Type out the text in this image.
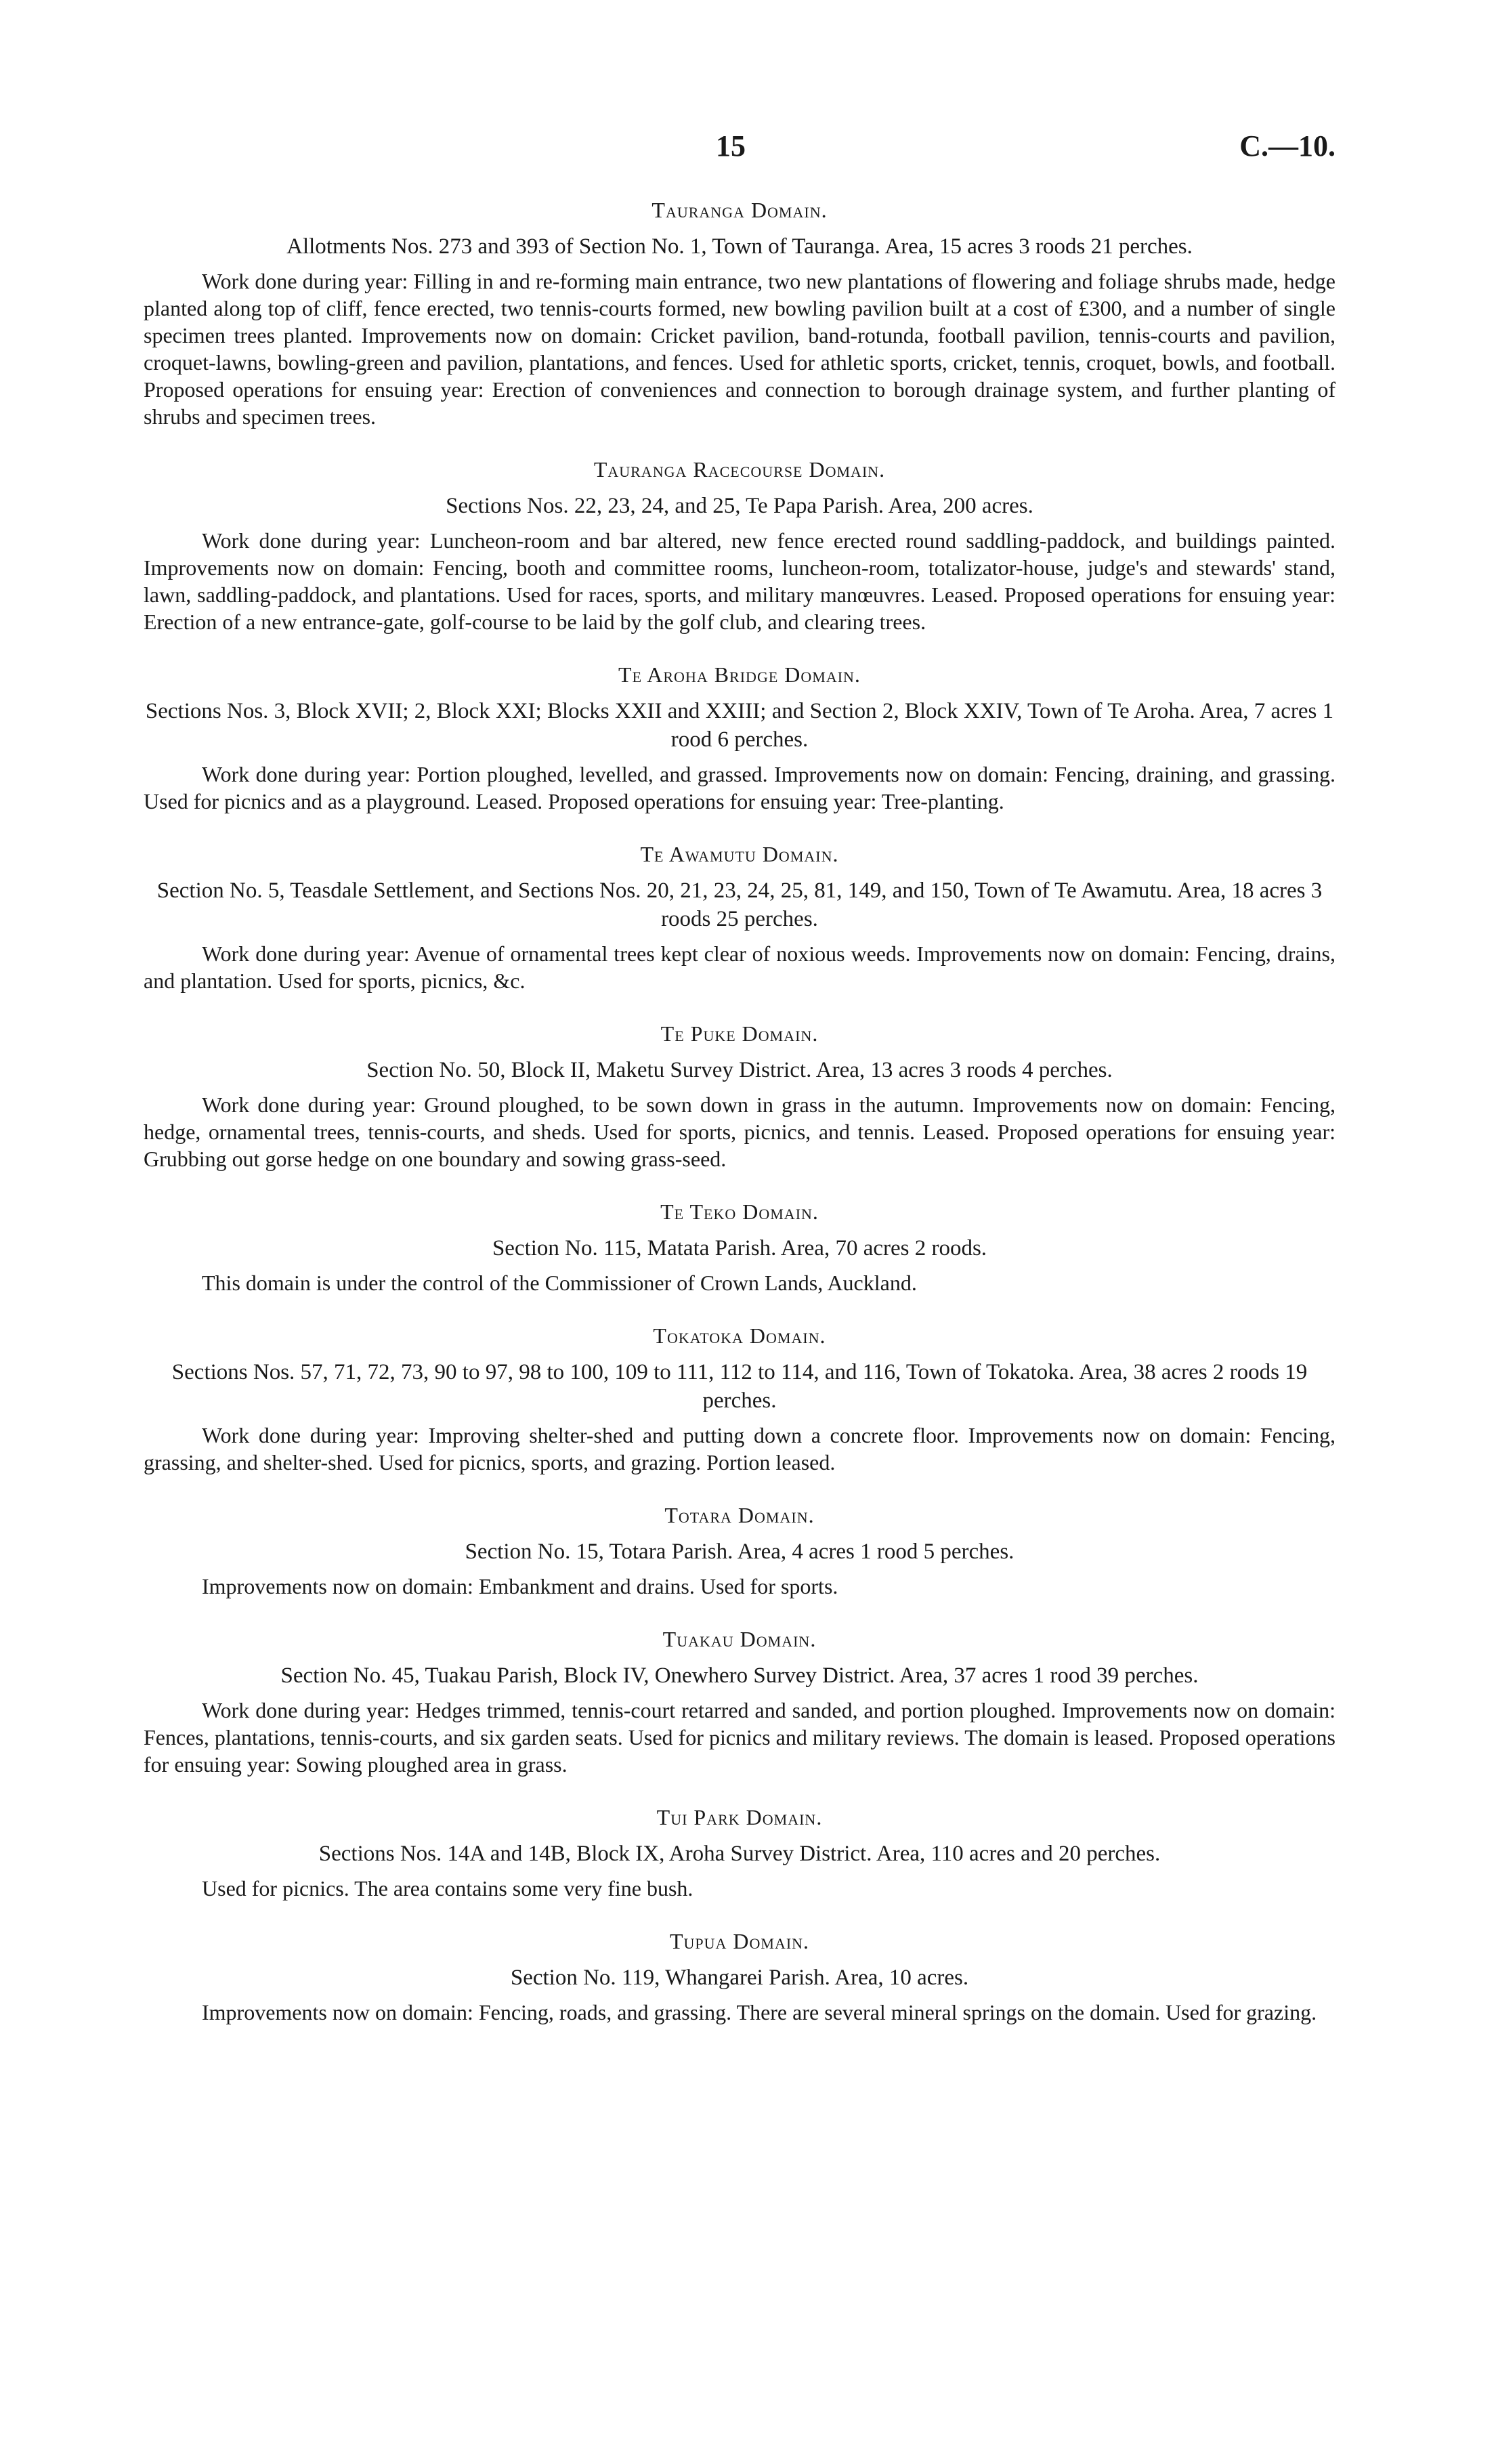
15	C.—10.
Tauranga Domain.
Allotments Nos. 273 and 393 of Section No. 1, Town of Tauranga. Area, 15 acres 3 roods 21 perches.
Work done during year: Filling in and re-forming main entrance, two new plantations of flowering and foliage shrubs made, hedge planted along top of cliff, fence erected, two tennis-courts formed, new bowling pavilion built at a cost of £300, and a number of single specimen trees planted. Improvements now on domain: Cricket pavilion, band-rotunda, football pavilion, tennis-courts and pavilion, croquet-lawns, bowling-green and pavilion, plantations, and fences. Used for athletic sports, cricket, tennis, croquet, bowls, and football. Proposed operations for ensuing year: Erection of conveniences and connection to borough drainage system, and further planting of shrubs and specimen trees.
Tauranga Racecourse Domain.
Sections Nos. 22, 23, 24, and 25, Te Papa Parish. Area, 200 acres.
Work done during year: Luncheon-room and bar altered, new fence erected round saddling-paddock, and buildings painted. Improvements now on domain: Fencing, booth and committee rooms, luncheon-room, totalizator-house, judge's and stewards' stand, lawn, saddling-paddock, and plantations. Used for races, sports, and military manœuvres. Leased. Proposed operations for ensuing year: Erection of a new entrance-gate, golf-course to be laid by the golf club, and clearing trees.
Te Aroha Bridge Domain.
Sections Nos. 3, Block XVII; 2, Block XXI; Blocks XXII and XXIII; and Section 2, Block XXIV, Town of Te Aroha. Area, 7 acres 1 rood 6 perches.
Work done during year: Portion ploughed, levelled, and grassed. Improvements now on domain: Fencing, draining, and grassing. Used for picnics and as a playground. Leased. Proposed operations for ensuing year: Tree-planting.
Te Awamutu Domain.
Section No. 5, Teasdale Settlement, and Sections Nos. 20, 21, 23, 24, 25, 81, 149, and 150, Town of Te Awamutu. Area, 18 acres 3 roods 25 perches.
Work done during year: Avenue of ornamental trees kept clear of noxious weeds. Improvements now on domain: Fencing, drains, and plantation. Used for sports, picnics, &c.
Te Puke Domain.
Section No. 50, Block II, Maketu Survey District. Area, 13 acres 3 roods 4 perches.
Work done during year: Ground ploughed, to be sown down in grass in the autumn. Improvements now on domain: Fencing, hedge, ornamental trees, tennis-courts, and sheds. Used for sports, picnics, and tennis. Leased. Proposed operations for ensuing year: Grubbing out gorse hedge on one boundary and sowing grass-seed.
Te Teko Domain.
Section No. 115, Matata Parish. Area, 70 acres 2 roods.
This domain is under the control of the Commissioner of Crown Lands, Auckland.
Tokatoka Domain.
Sections Nos. 57, 71, 72, 73, 90 to 97, 98 to 100, 109 to 111, 112 to 114, and 116, Town of Tokatoka. Area, 38 acres 2 roods 19 perches.
Work done during year: Improving shelter-shed and putting down a concrete floor. Improvements now on domain: Fencing, grassing, and shelter-shed. Used for picnics, sports, and grazing. Portion leased.
Totara Domain.
Section No. 15, Totara Parish. Area, 4 acres 1 rood 5 perches.
Improvements now on domain: Embankment and drains. Used for sports.
Tuakau Domain.
Section No. 45, Tuakau Parish, Block IV, Onewhero Survey District. Area, 37 acres 1 rood 39 perches.
Work done during year: Hedges trimmed, tennis-court retarred and sanded, and portion ploughed. Improvements now on domain: Fences, plantations, tennis-courts, and six garden seats. Used for picnics and military reviews. The domain is leased. Proposed operations for ensuing year: Sowing ploughed area in grass.
Tui Park Domain.
Sections Nos. 14A and 14B, Block IX, Aroha Survey District. Area, 110 acres and 20 perches.
Used for picnics. The area contains some very fine bush.
Tupua Domain.
Section No. 119, Whangarei Parish. Area, 10 acres.
Improvements now on domain: Fencing, roads, and grassing. There are several mineral springs on the domain. Used for grazing.
